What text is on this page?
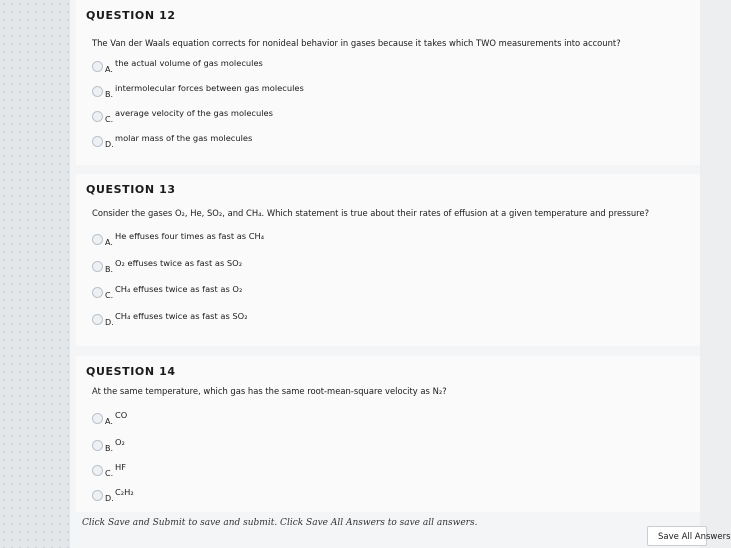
QUESTION 12
The Van der Waals equation corrects for nonideal behavior in gases because it takes which TWO measurements into account?
A.
the actual volume of gas molecules
B.
intermolecular forces between gas molecules
C.
average velocity of the gas molecules
D.
molar mass of the gas molecules
QUESTION 13
Consider the gases O₂, He, SO₂, and CH₄. Which statement is true about their rates of effusion at a given temperature and pressure?
A.
He effuses four times as fast as CH₄
B.
O₂ effuses twice as fast as SO₂
C.
CH₄ effuses twice as fast as O₂
D.
CH₄ effuses twice as fast as SO₂
QUESTION 14
At the same temperature, which gas has the same root-mean-square velocity as N₂?
A.
CO
B.
O₂
C.
HF
D.
C₂H₂
Click Save and Submit to save and submit. Click Save All Answers to save all answers.
Save All Answers
